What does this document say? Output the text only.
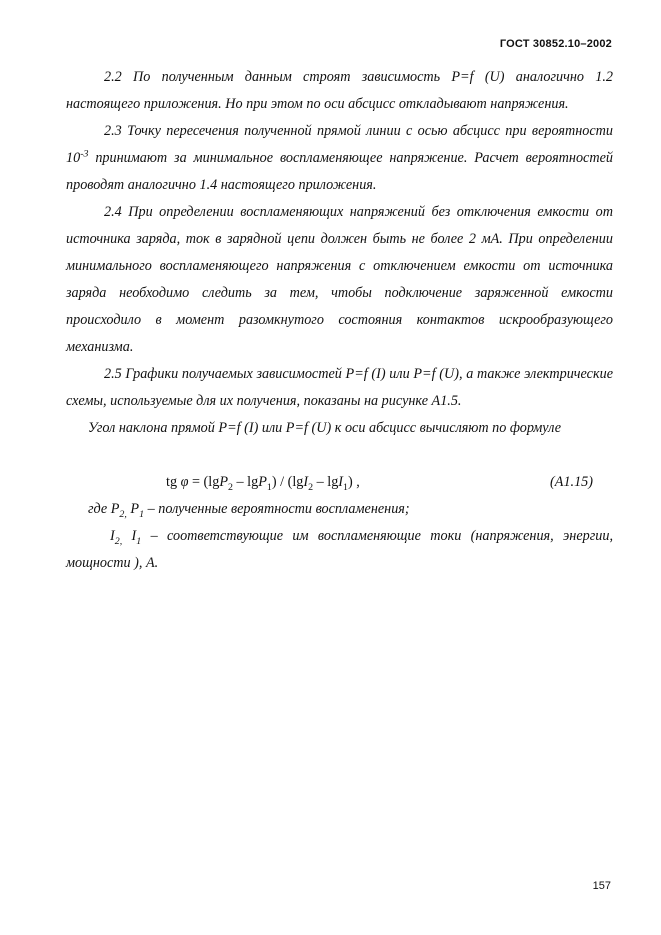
ГОСТ 30852.10–2002

2.2 По полученным данным строят зависимость P=f (U) аналогично 1.2 настоящего приложения. Но при этом по оси абсцисс откладывают напряжения.

2.3 Точку пересечения полученной прямой линии с осью абсцисс при вероятности $10^{-3}$ принимают за минимальное воспламеняющее напряжение. Расчет вероятностей проводят аналогично 1.4 настоящего приложения.

2.4 При определении воспламеняющих напряжений без отключения емкости от источника заряда, ток в зарядной цепи должен быть не более 2 мА. При определении минимального воспламеняющего напряжения с отключением емкости от источника заряда необходимо следить за тем, чтобы подключение заряженной емкости происходило в момент разомкнутого состояния контактов искрообразующего механизма.

2.5 Графики получаемых зависимостей P=f (I) или P=f (U), а также электрические схемы, используемые для их получения, показаны на рисунке А1.5.

Угол наклона прямой P=f (I) или P=f (U) к оси абсцисс вычисляют по формуле

tg φ = (lgP$_2$ – lgP$_1$) / (lgI$_2$ – lgI$_1$) ,	(А1.15)

где $P_{2,}$ $P_1$ – полученные вероятности воспламенения;

$I_{2,}$ $I_1$ – соответствующие им воспламеняющие токи (напряжения, энергии, мощности ), А.

157
